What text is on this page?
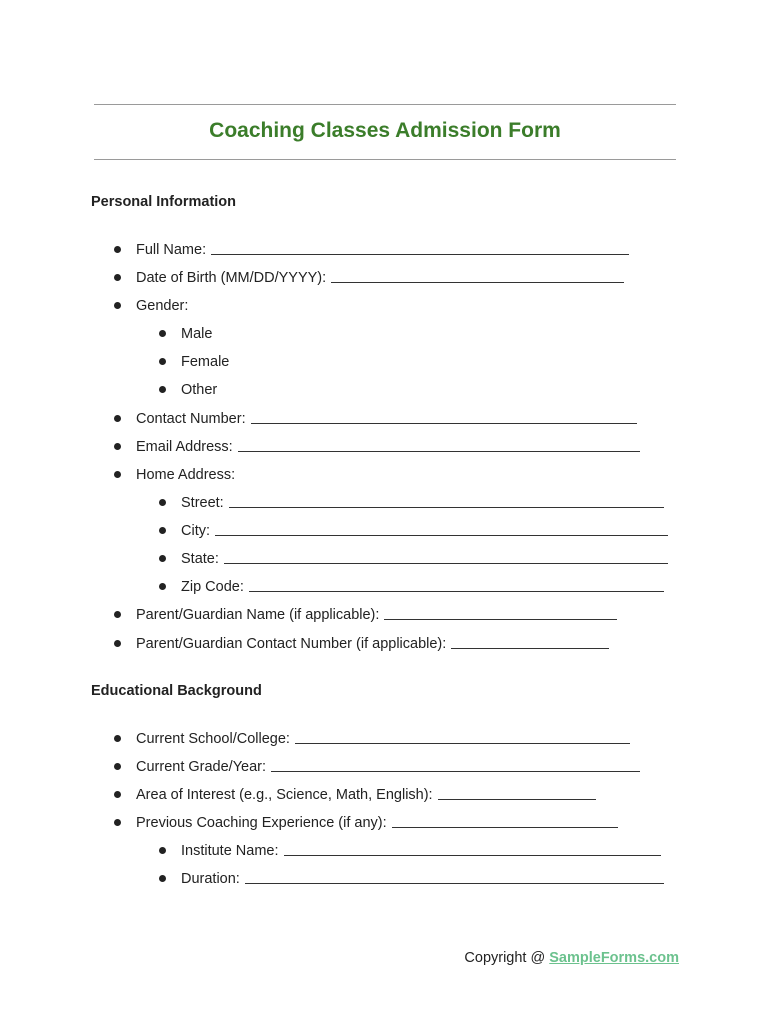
Coaching Classes Admission Form
Personal Information
Full Name:
Date of Birth (MM/DD/YYYY):
Gender:
Male
Female
Other
Contact Number:
Email Address:
Home Address:
Street:
City:
State:
Zip Code:
Parent/Guardian Name (if applicable):
Parent/Guardian Contact Number (if applicable):
Educational Background
Current School/College:
Current Grade/Year:
Area of Interest (e.g., Science, Math, English):
Previous Coaching Experience (if any):
Institute Name:
Duration:
Copyright @ SampleForms.com
